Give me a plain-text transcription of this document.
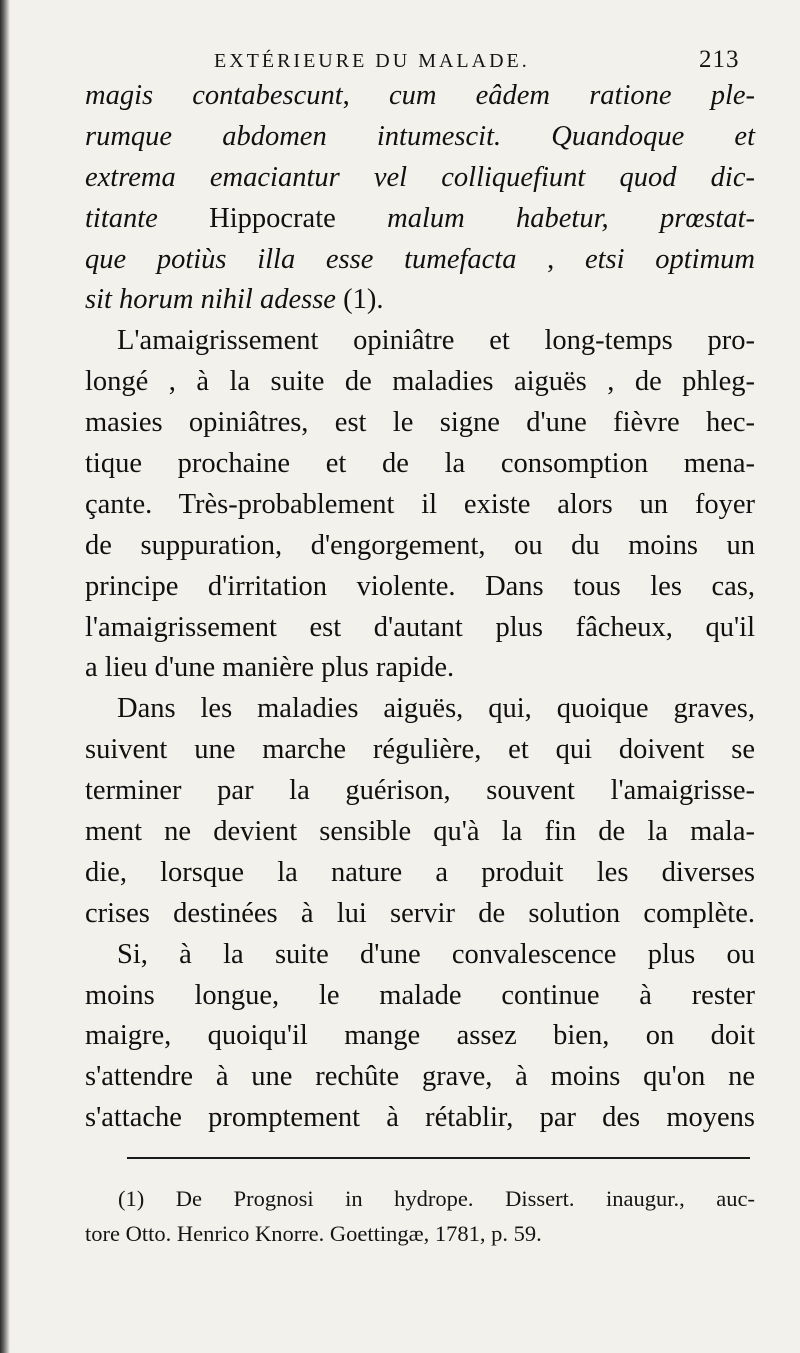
EXTÉRIEURE DU MALADE.	213
magis contabescunt, cum eâdem ratione ple-
rumque abdomen intumescit. Quandoque et
extrema emaciantur vel colliquefiunt quod dic-
titante Hippocrate malum habetur, prœstat-
que potiùs illa esse tumefacta , etsi optimum
sit horum nihil adesse (1).
L'amaigrissement opiniâtre et long-temps pro-
longé , à la suite de maladies aiguës , de phleg-
masies opiniâtres, est le signe d'une fièvre hec-
tique prochaine et de la consomption mena-
çante. Très-probablement il existe alors un foyer
de suppuration, d'engorgement, ou du moins un
principe d'irritation violente. Dans tous les cas,
l'amaigrissement est d'autant plus fâcheux, qu'il
a lieu d'une manière plus rapide.
Dans les maladies aiguës, qui, quoique graves,
suivent une marche régulière, et qui doivent se
terminer par la guérison, souvent l'amaigrisse-
ment ne devient sensible qu'à la fin de la mala-
die, lorsque la nature a produit les diverses
crises destinées à lui servir de solution complète.
Si, à la suite d'une convalescence plus ou
moins longue, le malade continue à rester
maigre, quoiqu'il mange assez bien, on doit
s'attendre à une rechûte grave, à moins qu'on ne
s'attache promptement à rétablir, par des moyens
(1) De Prognosi in hydrope. Dissert. inaugur., auc-
tore Otto. Henrico Knorre. Goettingæ, 1781, p. 59.
